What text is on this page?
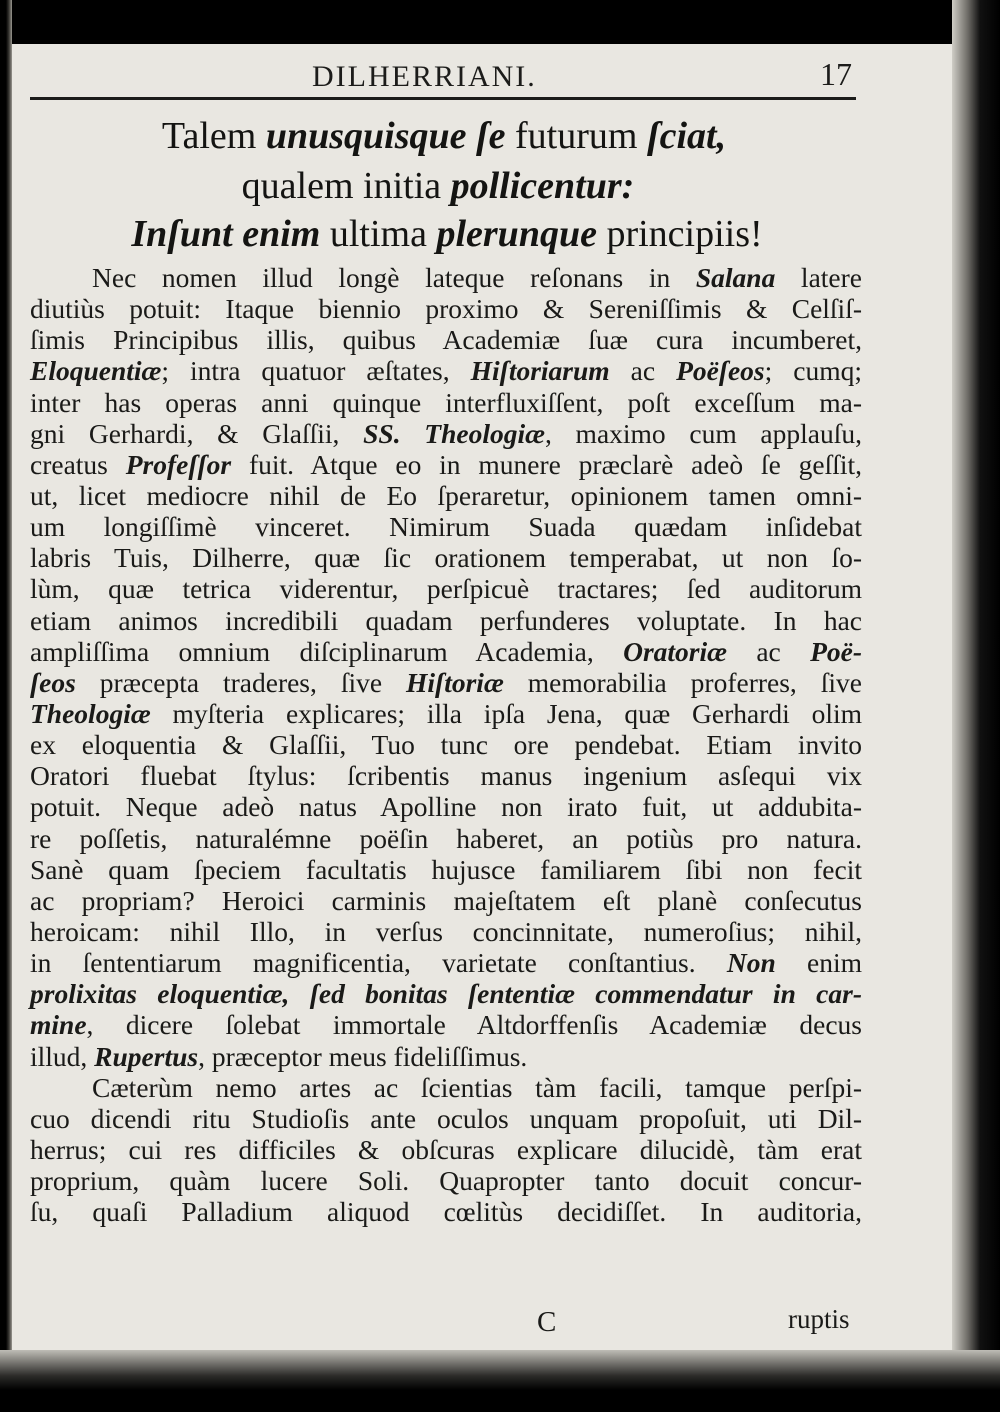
DILHERRIANI.	17
Talem unusquisque ſe futurum ſciat,
qualem initia pollicentur:
Inſunt enim ultima plerunque principiis!
Nec nomen illud longè lateque reſonans in Salana latere
diutiùs potuit: Itaque biennio proximo & Sereniſſimis & Celſiſ-
ſimis Principibus illis, quibus Academiæ ſuæ cura incumberet,
Eloquentiæ; intra quatuor æſtates, Hiſtoriarum ac Poëſeos; cumq;
inter has operas anni quinque interfluxiſſent, poſt exceſſum ma-
gni Gerhardi, & Glaſſii, SS. Theologiæ, maximo cum applauſu,
creatus Profeſſor fuit. Atque eo in munere præclarè adeò ſe geſſit,
ut, licet mediocre nihil de Eo ſperaretur, opinionem tamen omni-
um longiſſimè vinceret. Nimirum Suada quædam inſidebat
labris Tuis, Dilherre, quæ ſic orationem temperabat, ut non ſo-
lùm, quæ tetrica viderentur, perſpicuè tractares; ſed auditorum
etiam animos incredibili quadam perfunderes voluptate. In hac
ampliſſima omnium diſciplinarum Academia, Oratoriæ ac Poë-
ſeos præcepta traderes, ſive Hiſtoriæ memorabilia proferres, ſive
Theologiæ myſteria explicares; illa ipſa Jena, quæ Gerhardi olim
ex eloquentia & Glaſſii, Tuo tunc ore pendebat. Etiam invito
Oratori fluebat ſtylus: ſcribentis manus ingenium asſequi vix
potuit. Neque adeò natus Apolline non irato fuit, ut addubita-
re poſſetis, naturalémne poëſin haberet, an potiùs pro natura.
Sanè quam ſpeciem facultatis hujusce familiarem ſibi non fecit
ac propriam? Heroici carminis majeſtatem eſt planè conſecutus
heroicam: nihil Illo, in verſus concinnitate, numeroſius; nihil,
in ſententiarum magnificentia, varietate conſtantius. Non enim
prolixitas eloquentiæ, ſed bonitas ſententiæ commendatur in car-
mine, dicere ſolebat immortale Altdorffenſis Academiæ decus
illud, Rupertus, præceptor meus fideliſſimus.
Cæterùm nemo artes ac ſcientias tàm facili, tamque perſpi-
cuo dicendi ritu Studioſis ante oculos unquam propoſuit, uti Dil-
herrus; cui res difficiles & obſcuras explicare dilucidè, tàm erat
proprium, quàm lucere Soli. Quapropter tanto docuit concur-
ſu, quaſi Palladium aliquod cœlitùs decidiſſet. In auditoria,
C	ruptis
